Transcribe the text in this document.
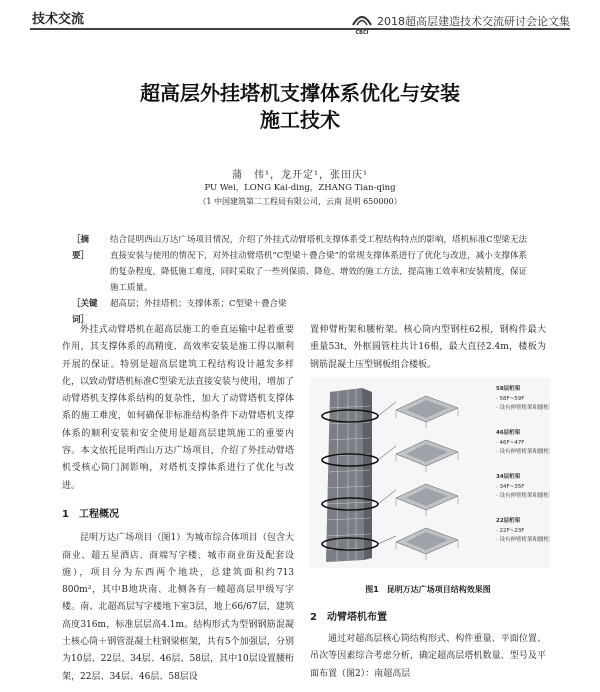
技术交流
CBCI
2018超高层建造技术交流研讨会论文集
超高层外挂塔机支撑体系优化与安装
施工技术
蒲　伟¹，龙开定¹，张田庆¹
PU Wei，LONG Kai-ding，ZHANG Tian-qing
（1 中国建筑第二工程局有限公司，云南 昆明 650000）
［摘　要］
结合昆明西山万达广场项目情况，介绍了外挂式动臂塔机支撑体系受工程结构特点的影响，塔机标准C型梁无法直接安装与使用的情况下，对外挂动臂塔机“C型梁＋叠合梁”的常规支撑体系进行了优化与改进，减小支撑体系的复杂程度，降低施工难度，同时采取了一些列保质、降危、增效的施工方法，提高施工效率和安装精度，保证施工质量。
［关键词］
超高层；外挂塔机；支撑体系；C型梁＋叠合梁

外挂式动臂塔机在超高层施工的垂直运输中起着重要作用，其支撑体系的高精度、高效率安装是施工得以顺利开展的保证。特别是超高层建筑工程结构设计越发多样化，以致动臂塔机标准C型梁无法直接安装与使用，增加了动臂塔机支撑体系结构的复杂性，加大了动臂塔机支撑体系的施工难度，如何确保非标准结构条件下动臂塔机支撑体系的顺利安装和安全使用是超高层建筑施工的重要内容。本文依托昆明西山万达广场项目，介绍了外挂动臂塔机受核心筒门洞影响，对塔机支撑体系进行了优化与改进。

1　工程概况

昆明万达广场项目（图1）为城市综合体项目（包含大商业、超五星酒店、商端写字楼、城市商业街及配套设施），项目分为东西两个地块，总建筑面积约713 800m²，其中B地块南、北侧各有一幢超高层甲级写字楼。南、北超高层写字楼地下室3层，地上66/67层，建筑高度316m，标准层层高4.1m。结构形式为型钢钢筋混凝土核心筒＋钢管混凝土柱钢梁框架，共有5个加强层，分别为10层、22层、34层、46层、58层，其中10层设置腰桁架，22层、34层、46层、58层设

置伸臂桁架和腰桁架。核心筒内型钢柱62根，钢构件最大重量53t，外框圆管柱共计16根，最大直径2.4m，楼板为钢筋混凝土压型钢板组合楼板。

58层桁架
· 58F~59F
· 设有伸臂桁架和腰桁架
46层桁架
· 46F~47F
· 设有伸臂桁架和腰桁架
34层桁架
· 34F~35F
· 设有伸臂桁架和腰桁架
22层桁架
· 22F~23F
· 设有伸臂桁架和腰桁架
图1　昆明万达广场项目结构效果图
2　动臂塔机布置

通过对超高层核心筒结构形式、构件重量、平面位置、吊次等因素综合考虑分析，确定超高层塔机数量、型号及平面布置（图2）：南超高层
